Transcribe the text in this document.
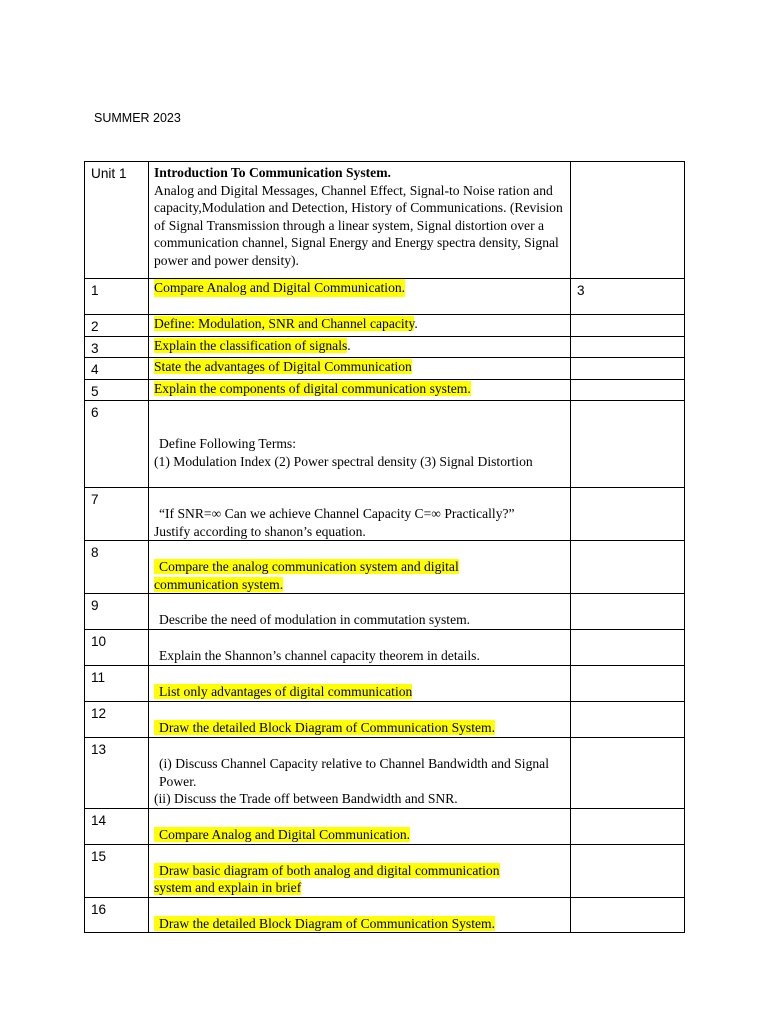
SUMMER 2023
Unit 1	Introduction To Communication System.
Analog and Digital Messages, Channel Effect, Signal-to Noise ration and capacity,Modulation and Detection, History of Communications. (Revision of Signal Transmission through a linear system, Signal distortion over a communication channel, Signal Energy and Energy spectra density, Signal power and power density).	

1	Compare Analog and Digital Communication.	3
2	Define: Modulation, SNR and Channel capacity.	
3	Explain the classification of signals.	
4	State the advantages of Digital Communication	
5	Explain the components of digital communication system.	
6	Define Following Terms:
(1) Modulation Index (2) Power spectral density (3) Signal Distortion	

7	“If SNR=∞ Can we achieve Channel Capacity C=∞ Practically?”
Justify according to shanon’s equation.	

8	Compare the analog communication system and digital communication system.	

9	Describe the need of modulation in commutation system.	

10	Explain the Shannon’s channel capacity theorem in details.	

11	List only advantages of digital communication	

12	Draw the detailed Block Diagram of Communication System.	

13	(i) Discuss Channel Capacity relative to Channel Bandwidth and Signal Power.
(ii) Discuss the Trade off between Bandwidth and SNR.	

14	Compare Analog and Digital Communication.	

15	Draw basic diagram of both analog and digital communication system and explain in brief	

16	Draw the detailed Block Diagram of Communication System.	
